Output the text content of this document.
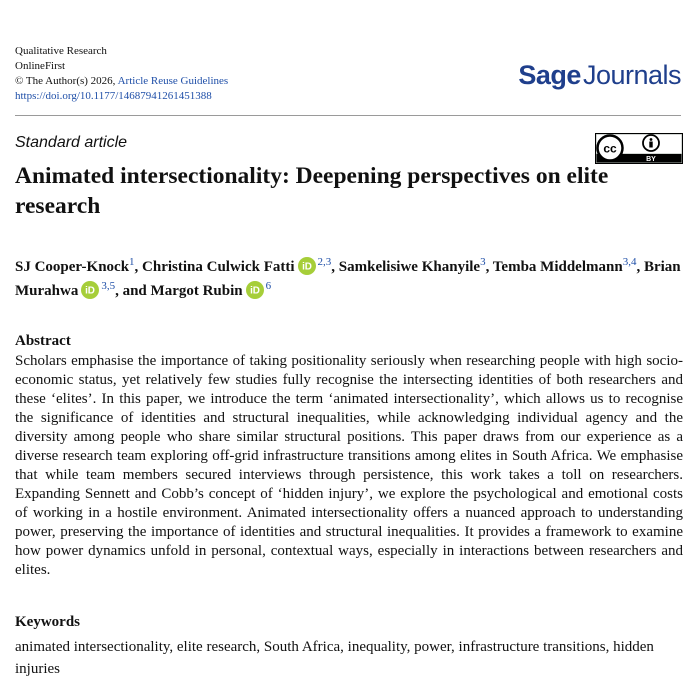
Qualitative Research
OnlineFirst
© The Author(s) 2026, Article Reuse Guidelines
https://doi.org/10.1177/14687941261451388
SageJournals
Standard article	cc
BY
Animated intersectionality: Deepening perspectives on elite research
SJ Cooper-Knock$^1$, Christina Culwick Fatti iD $^{2,3}$, Samkelisiwe Khanyile$^3$, Temba Middelmann$^{3,4}$, Brian Murahwa iD $^{3,5}$, and Margot Rubin iD $^6$
Abstract
Scholars emphasise the importance of taking positionality seriously when researching people with high socio-economic status, yet relatively few studies fully recognise the intersecting identities of both researchers and these ‘elites’. In this paper, we introduce the term ‘animated intersectionality’, which allows us to recognise the significance of identities and structural inequalities, while acknowledging individual agency and the diversity among people who share similar structural positions. This paper draws from our experience as a diverse research team exploring off-grid infrastructure transitions among elites in South Africa. We emphasise that while team members secured interviews through persistence, this work takes a toll on researchers. Expanding Sennett and Cobb’s concept of ‘hidden injury’, we explore the psychological and emotional costs of working in a hostile environment. Animated intersectionality offers a nuanced approach to understanding power, preserving the importance of identities and structural inequalities. It provides a framework to examine how power dynamics unfold in personal, contextual ways, especially in interactions between researchers and elites.
Keywords
animated intersectionality, elite research, South Africa, inequality, power, infrastructure transitions, hidden injuries
